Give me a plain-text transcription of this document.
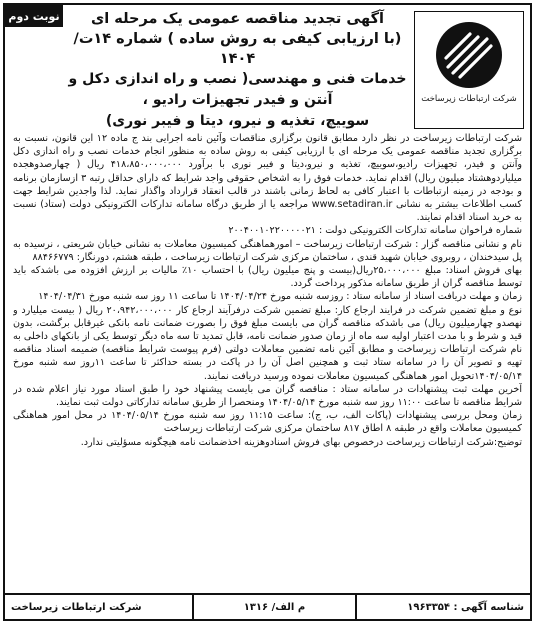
نوبت دوم
شرکت ارتباطات زیرساخت
آگهی تجدید مناقصه عمومی یک مرحله ای
(با ارزیابی کیفی به روش ساده ) شماره ۱۴ت/۱۴۰۴
خدمات فنی و مهندسی( نصب و راه اندازی دکل و آنتن و فیدر تجهیزات رادیو ،
سوییچ، تغذیه و نیرو، دیتا و فیبر نوری)

شرکت ارتباطات زیرساخت در نظر دارد مطابق قانون برگزاری مناقصات وآئین نامه اجرایی بند ج ماده ۱۲ این قانون، نسبت به برگزاری تجدید مناقصه عمومی یک مرحله ای با ارزیابی کیفی به روش ساده به منظور انجام خدمات نصب و راه اندازی دکل وآنتن و فیدر، تجهیزات رادیو،سوییچ، تغذیه و نیرو،دیتا و فیبر نوری با برآورد ۴۱۸،۸۵۰،۰۰۰،۰۰۰ ریال ( چهارصدوهجده میلیاردوهشتاد میلیون ریال) اقدام نماید. خدمات فوق را به اشخاص حقوقی واجد شرایط که دارای حداقل رتبه ۳ ازسازمان برنامه و بودجه در زمینه ارتباطات با اعتبار کافی به لحاظ زمانی باشند در قالب انعقاد قرارداد واگذار نماید. لذا واجدین شرایط جهت کسب اطلاعات بیشتر به نشانی www.setadiran.ir مراجعه یا از طریق درگاه سامانه تدارکات الکترونیکی دولت (ستاد) نسبت به خرید اسناد اقدام نمایند.

شماره فراخوان سامانه تدارکات الکترونیکی دولت : ۲۰۰۴۰۰۱۰۲۲۰۰۰۰۰۲۱

نام و نشانی مناقصه گزار : شرکت ارتباطات زیرساخت – امورهماهنگی کمیسیون معاملات به نشانی خیابان شریعتی ، نرسیده به پل سیدخندان ، روبروی خیابان شهید قندی ، ساختمان مرکزی شرکت ارتباطات زیرساخت ، طبقه هشتم، دورنگار: ۸۸۴۶۶۷۷۹

بهای فروش اسناد: مبلغ ۲۵،۰۰۰،۰۰۰ریال(بیست و پنج میلیون ریال) با احتساب ۱۰٪ مالیات بر ارزش افزوده می باشدکه باید توسط مناقصه گران از طریق سامانه مذکور پرداخت گردد.

زمان و مهلت دریافت اسناد از سامانه ستاد : روزسه شنبه مورخ ۱۴۰۴/۰۴/۲۴ تا ساعت ۱۱ روز سه شنبه مورخ ۱۴۰۴/۰۴/۳۱

نوع و مبلغ تضمین شرکت در فرایند ارجاع کار: مبلغ تضمین شرکت درفرآیند ارجاع کار ۲۰،۹۴۲،۰۰۰،۰۰۰ ریال ( بیست میلیارد و نهصدو چهارمیلیون ریال) می باشدکه مناقصه گران می بایست مبلغ فوق را بصورت ضمانت نامه بانکی غیرقابل برگشت، بدون قید و شرط و با مدت اعتبار اولیه سه ماه از زمان صدور ضمانت نامه، قابل تمدید تا سه ماه دیگر توسط یکی از بانکهای داخلی به نام شرکت ارتباطات زیرساخت و مطابق آئین نامه تضمین معاملات دولتی (فرم پیوست شرایط مناقصه) ضمیمه اسناد مناقصه تهیه و تصویر آن را در سامانه ستاد ثبت و همچنین اصل آن را در پاکت در بسته حداکثر تا ساعت ۱۱روز سه شنبه مورخ ۱۴۰۴/۰۵/۱۴تحویل امور هماهنگی کمیسیون معاملات نموده ورسید دریافت نمایند.

آخرین مهلت ثبت پیشنهادات در سامانه ستاد : مناقصه گران می بایست پیشنهاد خود را طبق اسناد مورد نیاز اعلام شده در شرایط مناقصه تا ساعت ۱۱:۰۰ روز سه شنبه مورخ ۱۴۰۴/۰۵/۱۴ ومنحصرا از طریق سامانه تدارکاتی دولت ثبت نمایند.

زمان ومحل بررسی پیشنهادات (پاکات الف، ب، ج): ساعت ۱۱:۱۵ روز سه شنبه مورخ ۱۴۰۴/۰۵/۱۴ در محل امور هماهنگی کمیسیون معاملات واقع در طبقه ۸ اطاق ۸۱۷ ساختمان مرکزی شرکت ارتباطات زیرساخت

توضیح:شرکت ارتباطات زیرساخت درخصوص بهای فروش اسنادوهزینه اخذضمانت نامه هیچگونه مسؤلیتی ندارد.

شناسه آگهی : ۱۹۶۳۳۵۴
م الف/ ۱۳۱۶
شرکت ارتباطات زیرساخت
